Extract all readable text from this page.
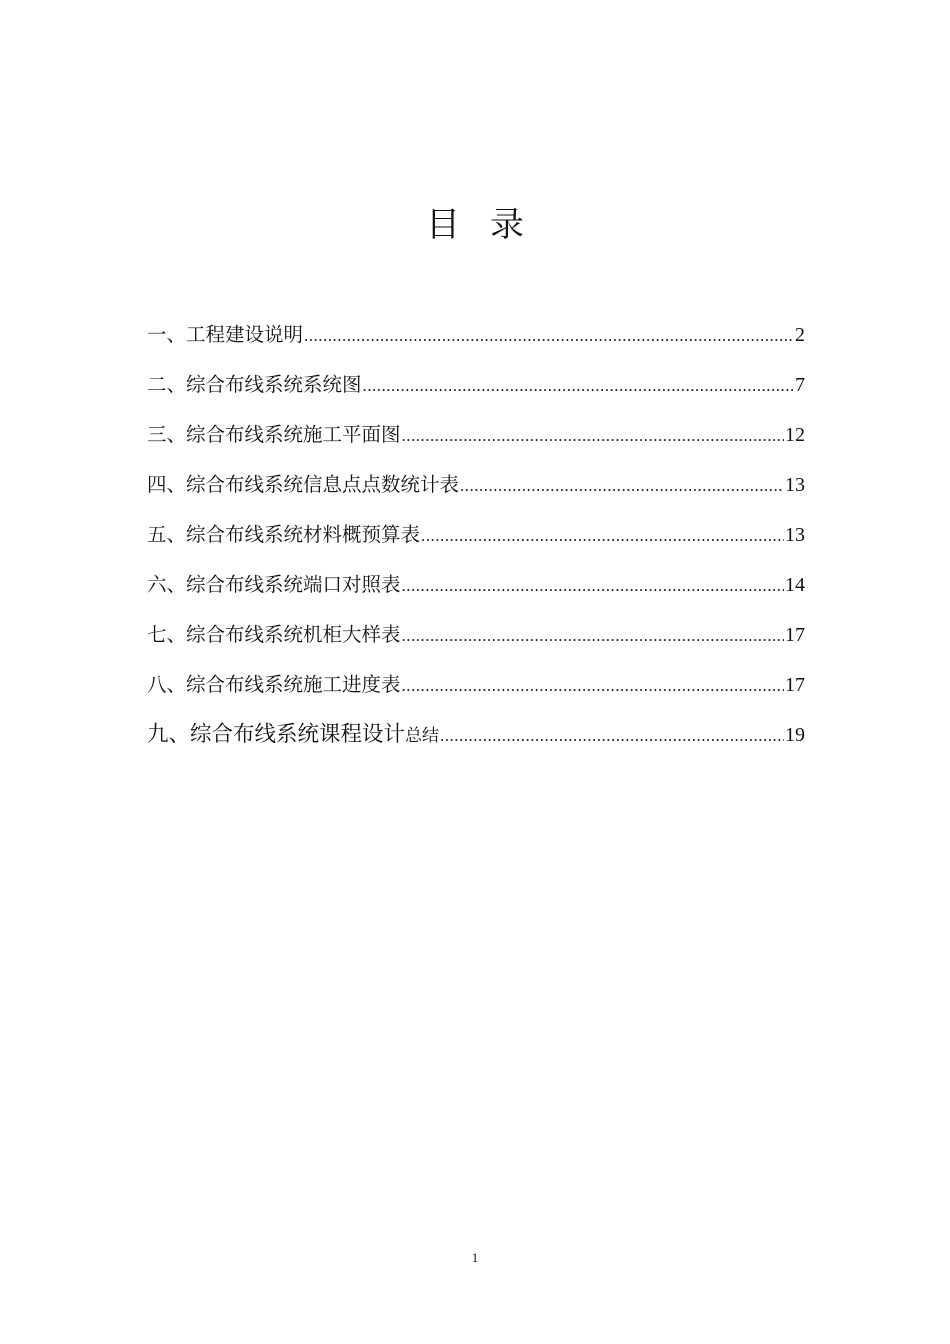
目录
一、工程建设说明 .....	2
二、综合布线系统系统图 .....	7
三、综合布线系统施工平面图 .....	12
四、综合布线系统信息点点数统计表 .....	13
五、综合布线系统材料概预算表 .....	13
六、综合布线系统端口对照表 .....	14
七、综合布线系统机柜大样表 .....	17
八、综合布线系统施工进度表 .....	17
九、综合布线系统课程设计 总结 .....	19
1
